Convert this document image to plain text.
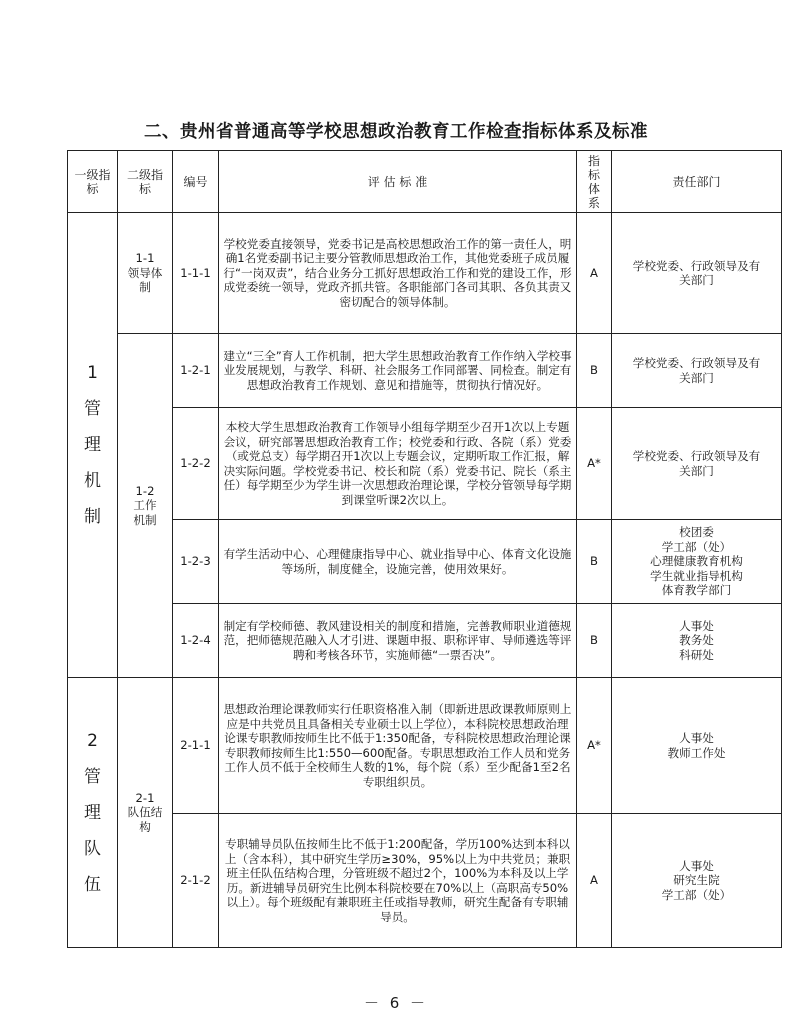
二、贵州省普通高等学校思想政治教育工作检查指标体系及标准
一级指标	二级指标	编号	评 估 标 准	指
标
体
系	责任部门

1
管
理
机
制	1-1
领导体
制	1-1-1	学校党委直接领导，党委书记是高校思想政治工作的第一责任人，明确1名党委副书记主要分管教师思想政治工作，其他党委班子成员履行“一岗双责”，结合业务分工抓好思想政治工作和党的建设工作，形成党委统一领导，党政齐抓共管。各职能部门各司其职、各负其责又密切配合的领导体制。	A	学校党委、行政领导及有
关部门

	1-2
工作
机制	1-2-1	建立“三全”育人工作机制，把大学生思想政治教育工作作纳入学校事业发展规划，与教学、科研、社会服务工作同部署、同检查。制定有思想政治教育工作规划、意见和措施等，贯彻执行情况好。	B	学校党委、行政领导及有
关部门

		1-2-2	本校大学生思想政治教育工作领导小组每学期至少召开1次以上专题会议，研究部署思想政治教育工作；校党委和行政、各院（系）党委（或党总支）每学期召开1次以上专题会议，定期听取工作汇报，解决实际问题。学校党委书记、校长和院（系）党委书记、院长（系主任）每学期至少为学生讲一次思想政治理论课，学校分管领导每学期到课堂听课2次以上。	A*	学校党委、行政领导及有
关部门

		1-2-3	有学生活动中心、心理健康指导中心、就业指导中心、体育文化设施等场所，制度健全，设施完善，使用效果好。	B	校团委
学工部（处）
心理健康教育机构
学生就业指导机构
体育教学部门

		1-2-4	制定有学校师德、教风建设相关的制度和措施，完善教师职业道德规范，把师德规范融入人才引进、课题申报、职称评审、导师遴选等评聘和考核各环节，实施师德“一票否决”。	B	人事处
教务处
科研处

2
管
理
队
伍	2-1
队伍结
构	2-1-1	思想政治理论课教师实行任职资格准入制（即新进思政课教师原则上应是中共党员且具备相关专业硕士以上学位），本科院校思想政治理论课专职教师按师生比不低于1:350配备，专科院校思想政治理论课专职教师按师生比1:550—600配备。专职思想政治工作人员和党务工作人员不低于全校师生人数的1%，每个院（系）至少配备1至2名专职组织员。	A*	人事处
教师工作处

		2-1-2	专职辅导员队伍按师生比不低于1:200配备，学历100%达到本科以上（含本科），其中研究生学历≥30%，95%以上为中共党员；兼职班主任队伍结构合理，分管班级不超过2个，100%为本科及以上学历。新进辅导员研究生比例本科院校要在70%以上（高职高专50%以上）。每个班级配有兼职班主任或指导教师，研究生配备有专职辅导员。	A	人事处
研究生院
学工部（处）
－ 6 －
